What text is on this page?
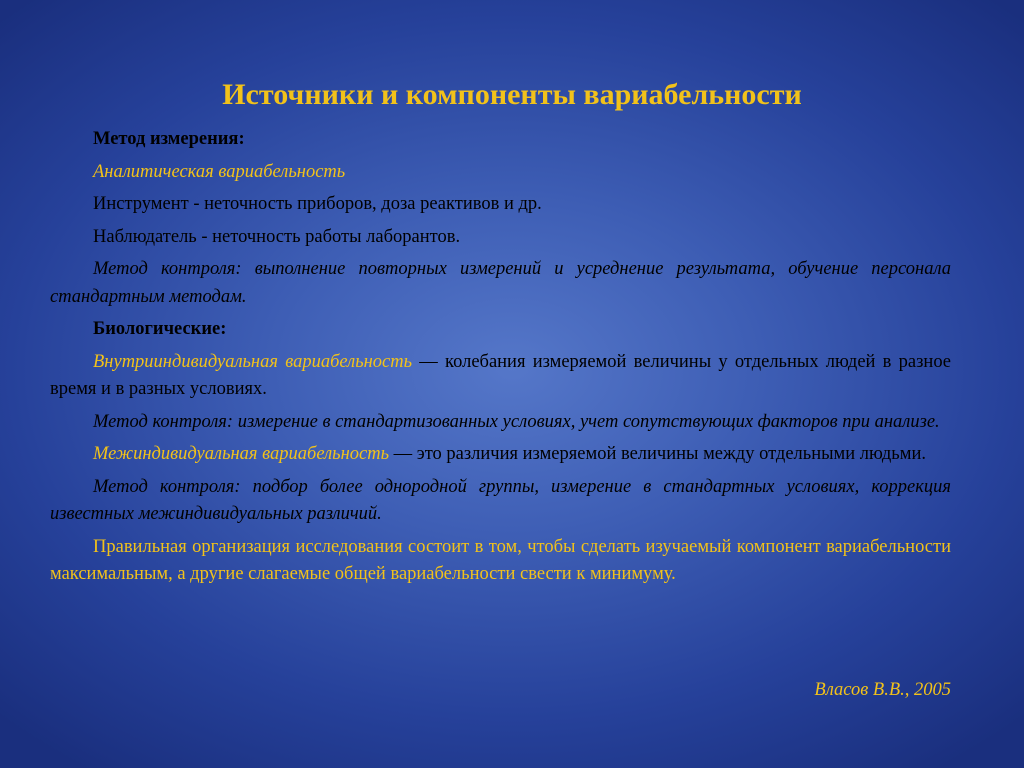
Источники и компоненты вариабельности

Метод измерения:

Аналитическая вариабельность

Инструмент - неточность приборов, доза реактивов и др.

Наблюдатель - неточность работы лаборантов.

Метод контроля: выполнение повторных измерений и усреднение результата, обучение персонала стандартным методам.

Биологические:

Внутрииндивидуальная вариабельность — колебания измеряемой величины у отдельных людей в разное время и в разных условиях.

Метод контроля: измерение в стандартизованных условиях, учет сопутствующих факторов при анализе.

Межиндивидуальная вариабельность — это различия измеряемой величины между отдельными людьми.

Метод контроля: подбор более однородной группы, измерение в стандартных условиях, коррекция известных межиндивидуальных различий.

Правильная организация исследования состоит в том, чтобы сделать изучаемый компонент вариабельности максимальным, а другие слагаемые общей вариабельности свести к минимуму.

Власов В.В., 2005
